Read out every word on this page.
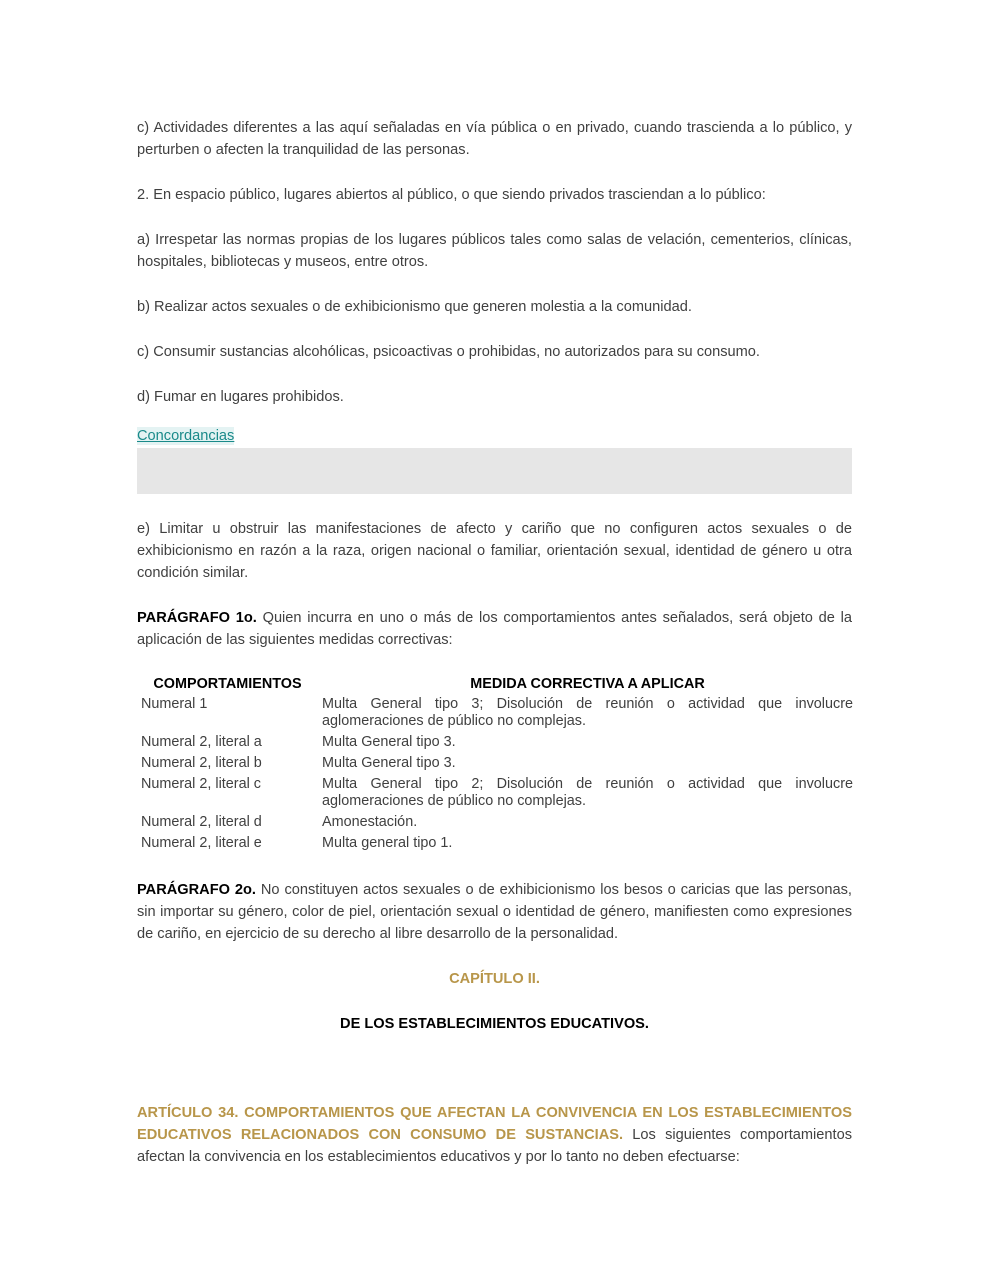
c) Actividades diferentes a las aquí señaladas en vía pública o en privado, cuando trascienda a lo público, y perturben o afecten la tranquilidad de las personas.

2. En espacio público, lugares abiertos al público, o que siendo privados trasciendan a lo público:

a) Irrespetar las normas propias de los lugares públicos tales como salas de velación, cementerios, clínicas, hospitales, bibliotecas y museos, entre otros.

b) Realizar actos sexuales o de exhibicionismo que generen molestia a la comunidad.

c) Consumir sustancias alcohólicas, psicoactivas o prohibidas, no autorizados para su consumo.

d) Fumar en lugares prohibidos.

Concordancias

e) Limitar u obstruir las manifestaciones de afecto y cariño que no configuren actos sexuales o de exhibicionismo en razón a la raza, origen nacional o familiar, orientación sexual, identidad de género u otra condición similar.

PARÁGRAFO 1o. Quien incurra en uno o más de los comportamientos antes señalados, será objeto de la aplicación de las siguientes medidas correctivas:

COMPORTAMIENTOS	MEDIDA CORRECTIVA A APLICAR
Numeral 1	Multa General tipo 3; Disolución de reunión o actividad que involucre aglomeraciones de público no complejas.
Numeral 2, literal a	Multa General tipo 3.
Numeral 2, literal b	Multa General tipo 3.
Numeral 2, literal c	Multa General tipo 2; Disolución de reunión o actividad que involucre aglomeraciones de público no complejas.
Numeral 2, literal d	Amonestación.
Numeral 2, literal e	Multa general tipo 1.

PARÁGRAFO 2o. No constituyen actos sexuales o de exhibicionismo los besos o caricias que las personas, sin importar su género, color de piel, orientación sexual o identidad de género, manifiesten como expresiones de cariño, en ejercicio de su derecho al libre desarrollo de la personalidad.

CAPÍTULO II.

DE LOS ESTABLECIMIENTOS EDUCATIVOS.

ARTÍCULO 34. COMPORTAMIENTOS QUE AFECTAN LA CONVIVENCIA EN LOS ESTABLECIMIENTOS EDUCATIVOS RELACIONADOS CON CONSUMO DE SUSTANCIAS. Los siguientes comportamientos afectan la convivencia en los establecimientos educativos y por lo tanto no deben efectuarse:
